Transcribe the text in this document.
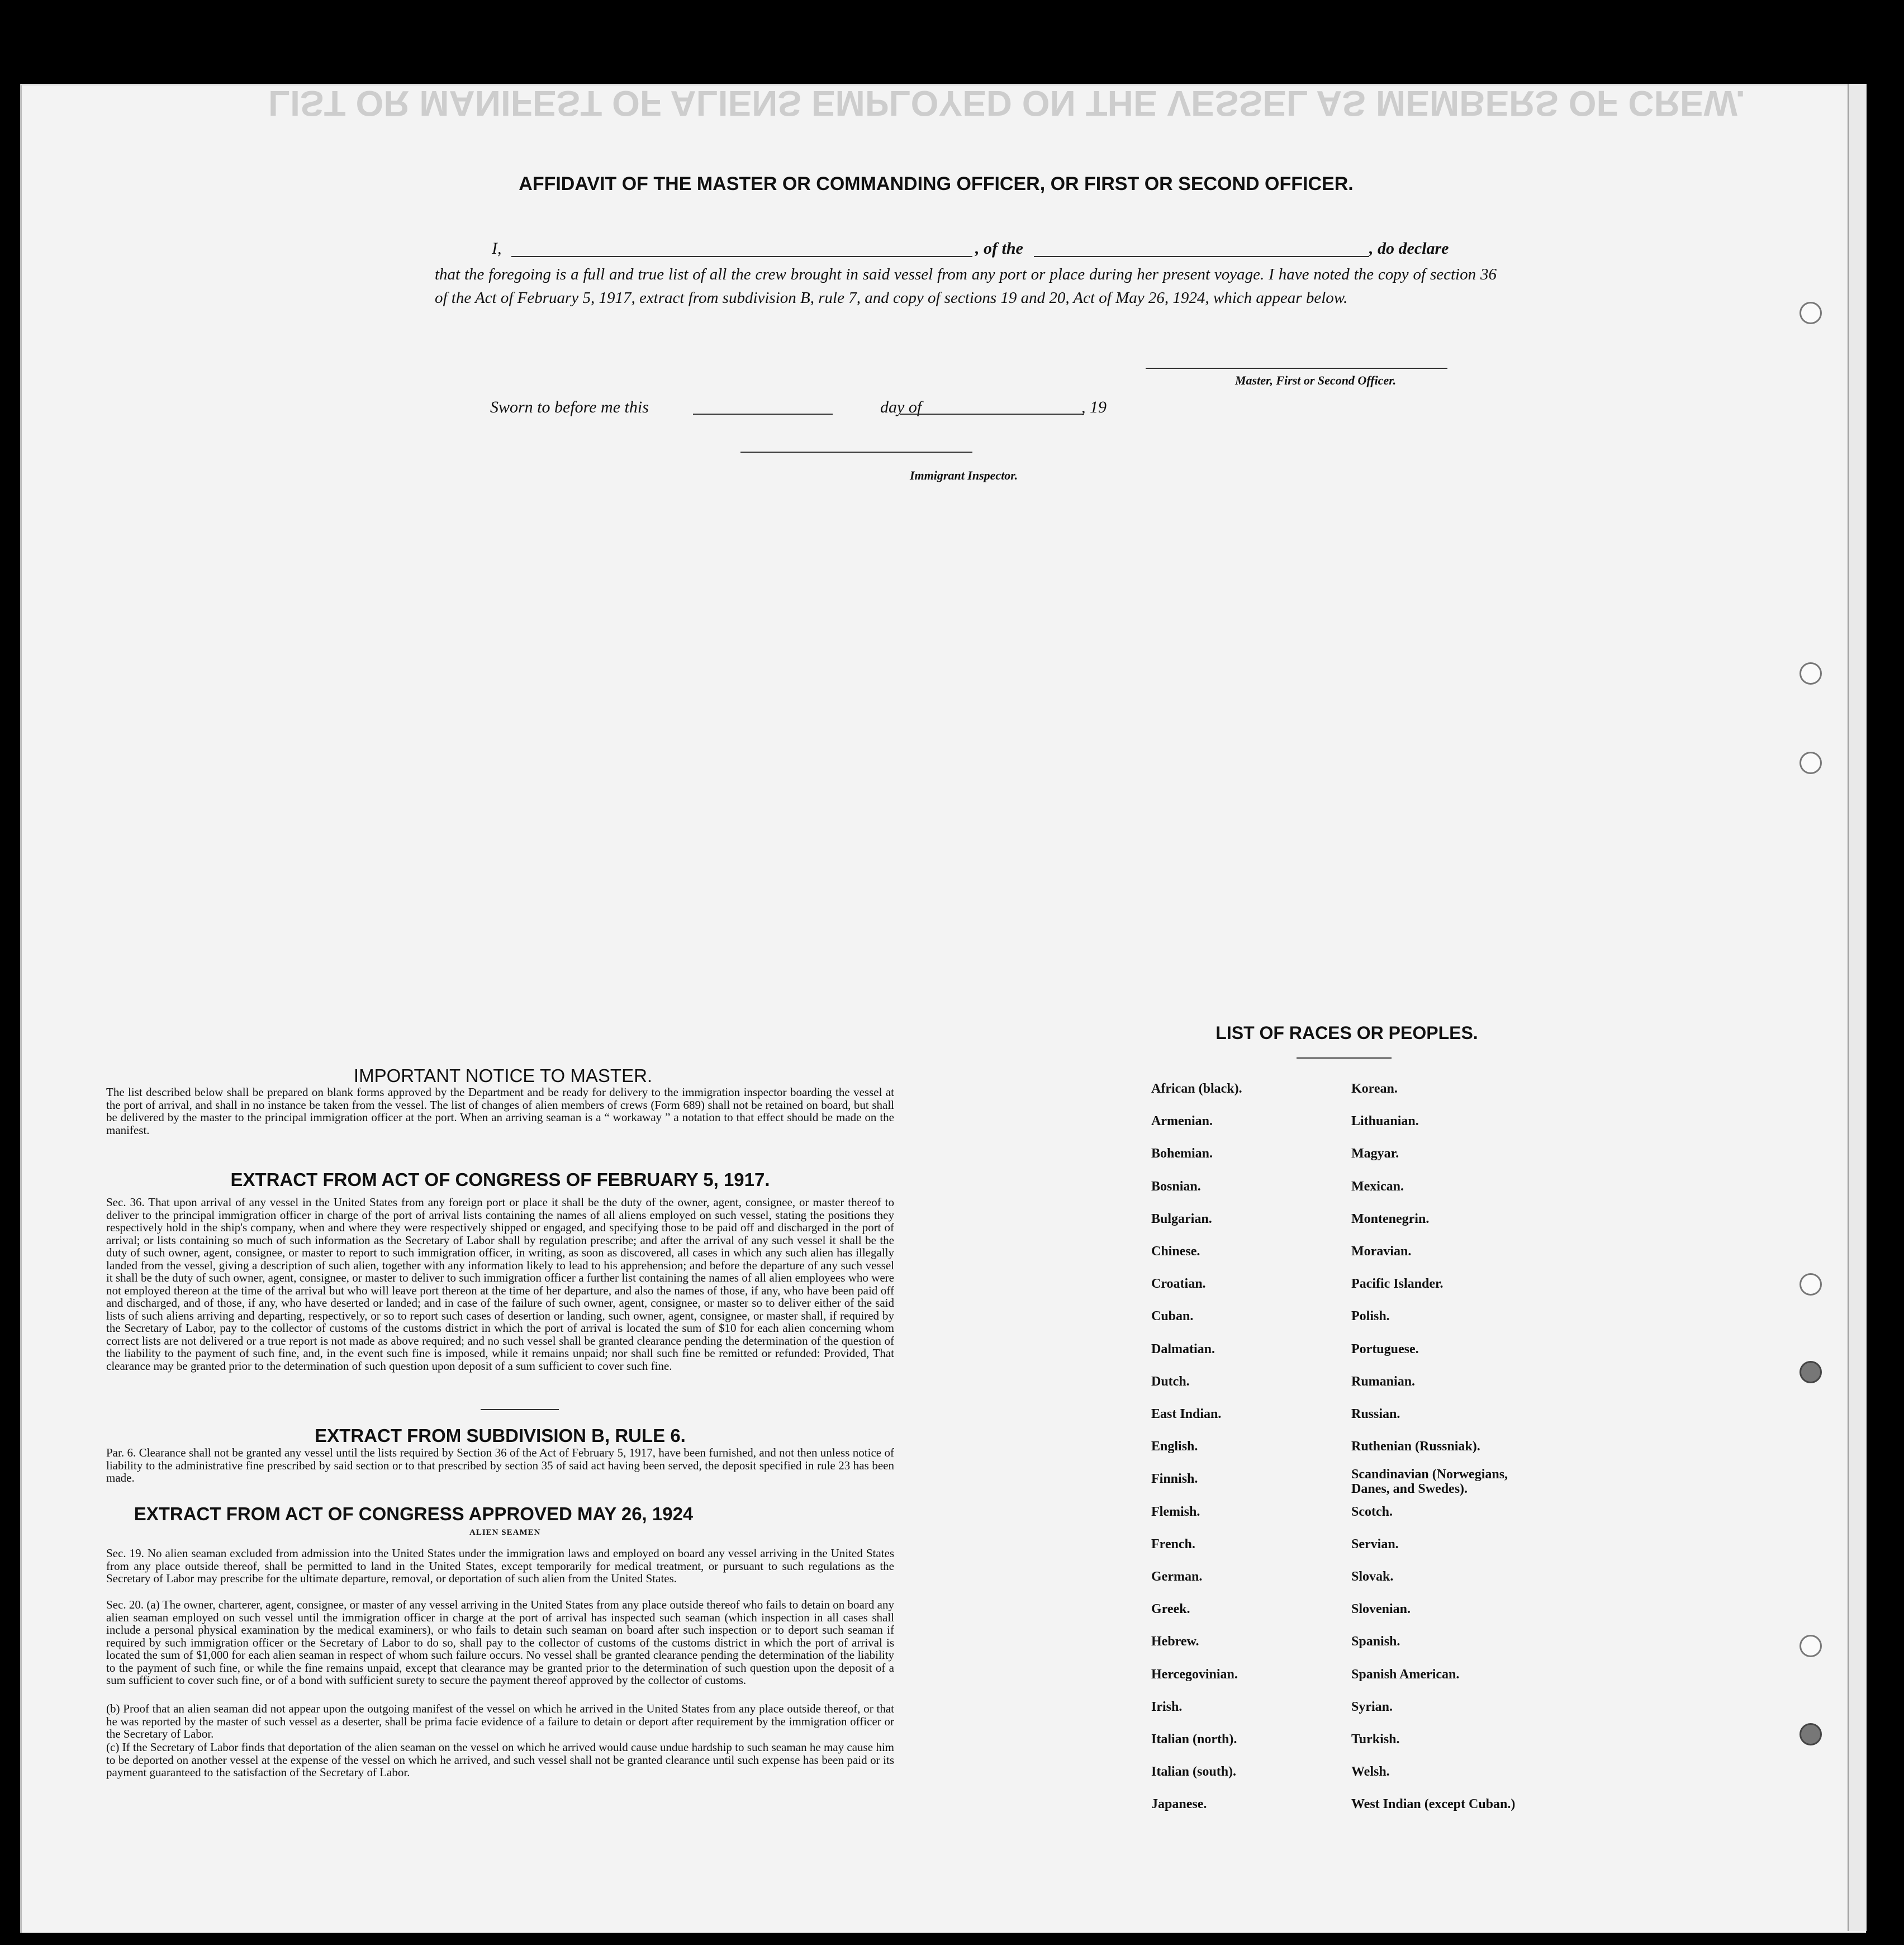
LIST OR MANIFEST OF ALIENS EMPLOYED ON THE VESSEL AS MEMBERS OF CREW.
AFFIDAVIT OF THE MASTER OR COMMANDING OFFICER, OR FIRST OR SECOND OFFICER.
I,	, of the	, do declare
that the foregoing is a full and true list of all the crew brought in said vessel from any port or place during her present voyage. I have noted the copy of section 36 of the Act of February 5, 1917, extract from subdivision B, rule 7, and copy of sections 19 and 20, Act of May 26, 1924, which appear below.
Master, First or Second Officer.
Sworn to before me this	day of	, 19
Immigrant Inspector.
IMPORTANT NOTICE TO MASTER.
The list described below shall be prepared on blank forms approved by the Department and be ready for delivery to the immigration inspector boarding the vessel at the port of arrival, and shall in no instance be taken from the vessel. The list of changes of alien members of crews (Form 689) shall not be retained on board, but shall be delivered by the master to the principal immigration officer at the port. When an arriving seaman is a “ workaway ” a notation to that effect should be made on the manifest.
EXTRACT FROM ACT OF CONGRESS OF FEBRUARY 5, 1917.
Sec. 36. That upon arrival of any vessel in the United States from any foreign port or place it shall be the duty of the owner, agent, consignee, or master thereof to deliver to the principal immigration officer in charge of the port of arrival lists containing the names of all aliens employed on such vessel, stating the positions they respectively hold in the ship's company, when and where they were respectively shipped or engaged, and specifying those to be paid off and discharged in the port of arrival; or lists containing so much of such information as the Secretary of Labor shall by regulation prescribe; and after the arrival of any such vessel it shall be the duty of such owner, agent, consignee, or master to report to such immigration officer, in writing, as soon as discovered, all cases in which any such alien has illegally landed from the vessel, giving a description of such alien, together with any information likely to lead to his apprehension; and before the departure of any such vessel it shall be the duty of such owner, agent, consignee, or master to deliver to such immigration officer a further list containing the names of all alien employees who were not employed thereon at the time of the arrival but who will leave port thereon at the time of her departure, and also the names of those, if any, who have been paid off and discharged, and of those, if any, who have deserted or landed; and in case of the failure of such owner, agent, consignee, or master so to deliver either of the said lists of such aliens arriving and departing, respectively, or so to report such cases of desertion or landing, such owner, agent, consignee, or master shall, if required by the Secretary of Labor, pay to the collector of customs of the customs district in which the port of arrival is located the sum of $10 for each alien concerning whom correct lists are not delivered or a true report is not made as above required; and no such vessel shall be granted clearance pending the determination of the question of the liability to the payment of such fine, and, in the event such fine is imposed, while it remains unpaid; nor shall such fine be remitted or refunded: Provided, That clearance may be granted prior to the determination of such question upon deposit of a sum sufficient to cover such fine.
EXTRACT FROM SUBDIVISION B, RULE 6.
Par. 6. Clearance shall not be granted any vessel until the lists required by Section 36 of the Act of February 5, 1917, have been furnished, and not then unless notice of liability to the administrative fine prescribed by said section or to that prescribed by section 35 of said act having been served, the deposit specified in rule 23 has been made.
EXTRACT FROM ACT OF CONGRESS APPROVED MAY 26, 1924
ALIEN SEAMEN
Sec. 19. No alien seaman excluded from admission into the United States under the immigration laws and employed on board any vessel arriving in the United States from any place outside thereof, shall be permitted to land in the United States, except temporarily for medical treatment, or pursuant to such regulations as the Secretary of Labor may prescribe for the ultimate departure, removal, or deportation of such alien from the United States.
Sec. 20. (a) The owner, charterer, agent, consignee, or master of any vessel arriving in the United States from any place outside thereof who fails to detain on board any alien seaman employed on such vessel until the immigration officer in charge at the port of arrival has inspected such seaman (which inspection in all cases shall include a personal physical examination by the medical examiners), or who fails to detain such seaman on board after such inspection or to deport such seaman if required by such immigration officer or the Secretary of Labor to do so, shall pay to the collector of customs of the customs district in which the port of arrival is located the sum of $1,000 for each alien seaman in respect of whom such failure occurs. No vessel shall be granted clearance pending the determination of the liability to the payment of such fine, or while the fine remains unpaid, except that clearance may be granted prior to the determination of such question upon the deposit of a sum sufficient to cover such fine, or of a bond with sufficient surety to secure the payment thereof approved by the collector of customs.
(b) Proof that an alien seaman did not appear upon the outgoing manifest of the vessel on which he arrived in the United States from any place outside thereof, or that he was reported by the master of such vessel as a deserter, shall be prima facie evidence of a failure to detain or deport after requirement by the immigration officer or the Secretary of Labor.
(c) If the Secretary of Labor finds that deportation of the alien seaman on the vessel on which he arrived would cause undue hardship to such seaman he may cause him to be deported on another vessel at the expense of the vessel on which he arrived, and such vessel shall not be granted clearance until such expense has been paid or its payment guaranteed to the satisfaction of the Secretary of Labor.
LIST OF RACES OR PEOPLES.
African (black).
Armenian.
Bohemian.
Bosnian.
Bulgarian.
Chinese.
Croatian.
Cuban.
Dalmatian.
Dutch.
East Indian.
English.
Finnish.
Flemish.
French.
German.
Greek.
Hebrew.
Hercegovinian.
Irish.
Italian (north).
Italian (south).
Japanese.
Korean.
Lithuanian.
Magyar.
Mexican.
Montenegrin.
Moravian.
Pacific Islander.
Polish.
Portuguese.
Rumanian.
Russian.
Ruthenian (Russniak).
Scandinavian (Norwegians, Danes, and Swedes).
Scotch.
Servian.
Slovak.
Slovenian.
Spanish.
Spanish American.
Syrian.
Turkish.
Welsh.
West Indian (except Cuban.)
